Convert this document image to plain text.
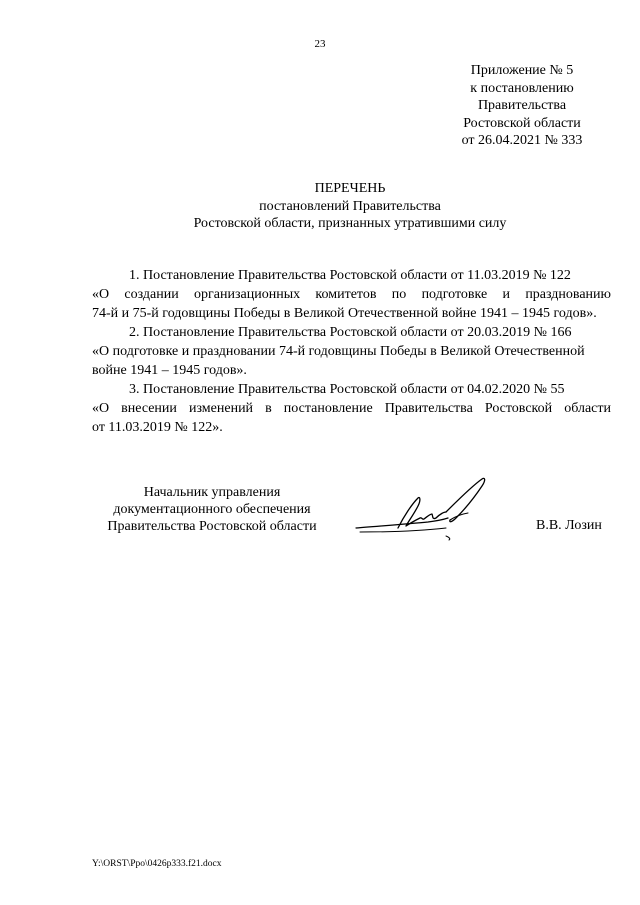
23
Приложение № 5
к постановлению
Правительства
Ростовской области
от 26.04.2021 № 333
ПЕРЕЧЕНЬ
постановлений Правительства
Ростовской области, признанных утратившими силу
1. Постановление Правительства Ростовской области от 11.03.2019 № 122
«О создании организационных комитетов по подготовке и празднованию
74-й и 75-й годовщины Победы в Великой Отечественной войне 1941 – 1945 годов».
2. Постановление Правительства Ростовской области от 20.03.2019 № 166
«О подготовке и праздновании 74-й годовщины Победы в Великой Отечественной
войне 1941 – 1945 годов».
3. Постановление Правительства Ростовской области от 04.02.2020 № 55
«О внесении изменений в постановление Правительства Ростовской области
от 11.03.2019 № 122».
Начальник управления
документационного обеспечения
Правительства Ростовской области	В.В. Лозин
Y:\ORST\Ppo\0426p333.f21.docx
